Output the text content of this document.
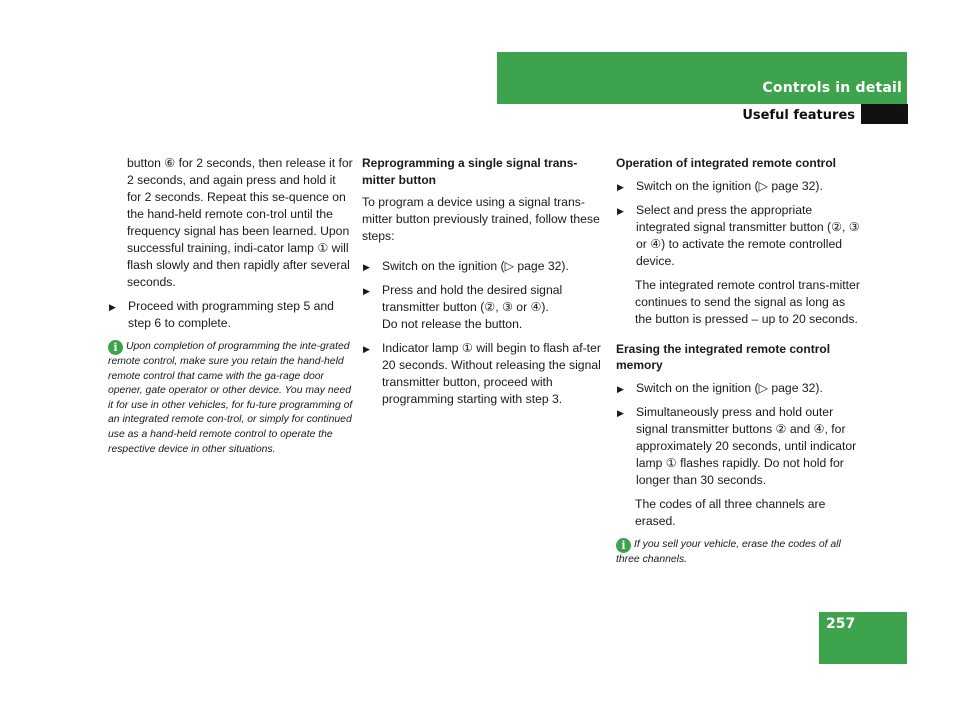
Controls in detail
Useful features

button ⑥ for 2 seconds, then release it for 2 seconds, and again press and hold it for 2 seconds. Repeat this se-quence on the hand-held remote con-trol until the frequency signal has been learned. Upon successful training, indi-cator lamp ① will flash slowly and then rapidly after several seconds.

▶ Proceed with programming step 5 and step 6 to complete.

i Upon completion of programming the inte-grated remote control, make sure you retain the hand-held remote control that came with the ga-rage door opener, gate operator or other device. You may need it for use in other vehicles, for fu-ture programming of an integrated remote con-trol, or simply for continued use as a hand-held remote control to operate the respective device in other situations.

Reprogramming a single signal trans-mitter button

To program a device using a signal trans-mitter button previously trained, follow these steps:

▶ Switch on the ignition (▷ page 32).
▶ Press and hold the desired signal transmitter button (②, ③ or ④).
Do not release the button.
▶ Indicator lamp ① will begin to flash af-ter 20 seconds. Without releasing the signal transmitter button, proceed with programming starting with step 3.

Operation of integrated remote control

▶ Switch on the ignition (▷ page 32).
▶ Select and press the appropriate integrated signal transmitter button (②, ③ or ④) to activate the remote controlled device.

The integrated remote control trans-mitter continues to send the signal as long as the button is pressed – up to 20 seconds.

Erasing the integrated remote control memory

▶ Switch on the ignition (▷ page 32).
▶ Simultaneously press and hold outer signal transmitter buttons ② and ④, for approximately 20 seconds, until indicator lamp ① flashes rapidly. Do not hold for longer than 30 seconds.

The codes of all three channels are erased.

i If you sell your vehicle, erase the codes of all three channels.

257
